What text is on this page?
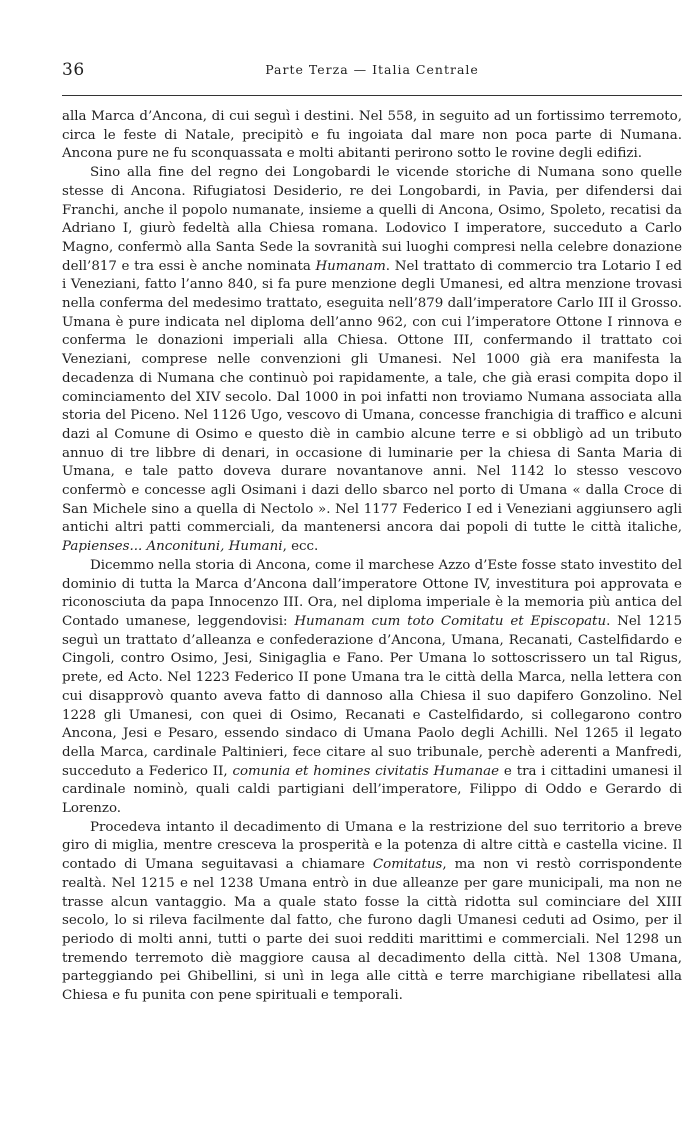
36	Parte Terza — Italia Centrale

alla Marca d’Ancona, di cui seguì i destini. Nel 558, in seguito ad un fortissimo terremoto, circa le feste di Natale, precipitò e fu ingoiata dal mare non poca parte di Numana. Ancona pure ne fu sconquassata e molti abitanti perirono sotto le rovine degli edifizi.

Sino alla fine del regno dei Longobardi le vicende storiche di Numana sono quelle stesse di Ancona. Rifugiatosi Desiderio, re dei Longobardi, in Pavia, per difendersi dai Franchi, anche il popolo numanate, insieme a quelli di Ancona, Osimo, Spoleto, recatisi da Adriano I, giurò fedeltà alla Chiesa romana. Lodovico I imperatore, succeduto a Carlo Magno, confermò alla Santa Sede la sovranità sui luoghi compresi nella celebre donazione dell’817 e tra essi è anche nominata Humanam. Nel trattato di commercio tra Lotario I ed i Veneziani, fatto l’anno 840, si fa pure menzione degli Umanesi, ed altra menzione trovasi nella conferma del medesimo trattato, eseguita nell’879 dall’imperatore Carlo III il Grosso. Umana è pure indicata nel diploma dell’anno 962, con cui l’imperatore Ottone I rinnova e conferma le donazioni imperiali alla Chiesa. Ottone III, confermando il trattato coi Veneziani, comprese nelle convenzioni gli Umanesi. Nel 1000 già era manifesta la decadenza di Numana che continuò poi rapidamente, a tale, che già erasi compita dopo il cominciamento del XIV secolo. Dal 1000 in poi infatti non troviamo Numana associata alla storia del Piceno. Nel 1126 Ugo, vescovo di Umana, concesse franchigia di traffico e alcuni dazi al Comune di Osimo e questo diè in cambio alcune terre e si obbligò ad un tributo annuo di tre libbre di denari, in occasione di luminarie per la chiesa di Santa Maria di Umana, e tale patto doveva durare novantanove anni. Nel 1142 lo stesso vescovo confermò e concesse agli Osimani i dazi dello sbarco nel porto di Umana « dalla Croce di San Michele sino a quella di Nectolo ». Nel 1177 Federico I ed i Veneziani aggiunsero agli antichi altri patti commerciali, da mantenersi ancora dai popoli di tutte le città italiche, Papienses... Anconituni, Humani, ecc.

Dicemmo nella storia di Ancona, come il marchese Azzo d’Este fosse stato investito del dominio di tutta la Marca d’Ancona dall’imperatore Ottone IV, investitura poi approvata e riconosciuta da papa Innocenzo III. Ora, nel diploma imperiale è la memoria più antica del Contado umanese, leggendovisi: Humanam cum toto Comitatu et Episcopatu. Nel 1215 seguì un trattato d’alleanza e confederazione d’Ancona, Umana, Recanati, Castelfidardo e Cingoli, contro Osimo, Jesi, Sinigaglia e Fano. Per Umana lo sottoscrissero un tal Rigus, prete, ed Acto. Nel 1223 Federico II pone Umana tra le città della Marca, nella lettera con cui disapprovò quanto aveva fatto di dannoso alla Chiesa il suo dapifero Gonzolino. Nel 1228 gli Umanesi, con quei di Osimo, Recanati e Castelfidardo, si collegarono contro Ancona, Jesi e Pesaro, essendo sindaco di Umana Paolo degli Achilli. Nel 1265 il legato della Marca, cardinale Paltinieri, fece citare al suo tribunale, perchè aderenti a Manfredi, succeduto a Federico II, comunia et homines civitatis Humanae e tra i cittadini umanesi il cardinale nominò, quali caldi partigiani dell’imperatore, Filippo di Oddo e Gerardo di Lorenzo.

Procedeva intanto il decadimento di Umana e la restrizione del suo territorio a breve giro di miglia, mentre cresceva la prosperità e la potenza di altre città e castella vicine. Il contado di Umana seguitavasi a chiamare Comitatus, ma non vi restò corrispondente realtà. Nel 1215 e nel 1238 Umana entrò in due alleanze per gare municipali, ma non ne trasse alcun vantaggio. Ma a quale stato fosse la città ridotta sul cominciare del XIII secolo, lo si rileva facilmente dal fatto, che furono dagli Umanesi ceduti ad Osimo, per il periodo di molti anni, tutti o parte dei suoi redditi marittimi e commerciali. Nel 1298 un tremendo terremoto diè maggiore causa al decadimento della città. Nel 1308 Umana, parteggiando pei Ghibellini, si unì in lega alle città e terre marchigiane ribellatesi alla Chiesa e fu punita con pene spirituali e temporali.
